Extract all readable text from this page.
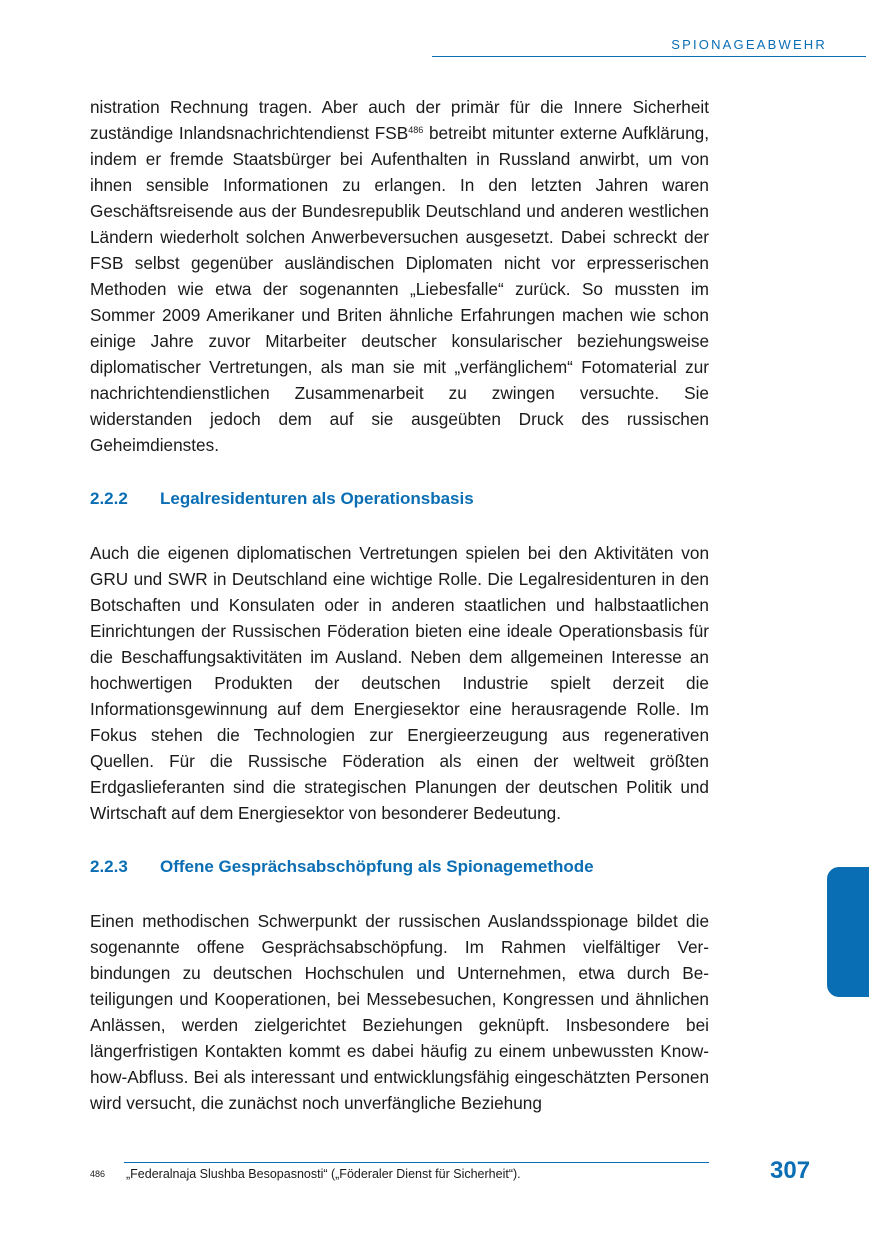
SPIONAGEABWEHR

nistration Rechnung tragen. Aber auch der primär für die Innere Sicherheit zuständige Inlandsnachrichtendienst FSB$^{486}$ betreibt mitunter externe Aufklärung, indem er fremde Staatsbürger bei Aufenthalten in Russland anwirbt, um von ihnen sensible Informationen zu erlangen. In den letzten Jahren waren Geschäftsreisende aus der Bundesrepublik Deutschland und anderen westlichen Ländern wiederholt solchen Anwerbeversuchen ausgesetzt. Dabei schreckt der FSB selbst gegenüber ausländischen Diplomaten nicht vor erpresserischen Methoden wie etwa der sogenannten „Liebesfalle“ zurück. So mussten im Sommer 2009 Amerikaner und Briten ähnliche Erfahrungen machen wie schon einige Jahre zuvor Mitarbeiter deutscher konsularischer beziehungsweise diplomatischer Vertretungen, als man sie mit „verfänglichem“ Fotomaterial zur nachrichtendienstlichen Zusammenarbeit zu zwingen versuchte. Sie widerstanden jedoch dem auf sie ausgeübten Druck des russischen Geheimdienstes.

2.2.2	Legalresidenturen als Operationsbasis

Auch die eigenen diplomatischen Vertretungen spielen bei den Aktivitäten von GRU und SWR in Deutschland eine wichtige Rolle. Die Legalresidenturen in den Botschaften und Konsulaten oder in anderen staatlichen und halbstaatlichen Einrichtungen der Russischen Föderation bieten eine ideale Operationsbasis für die Beschaffungsaktivitäten im Ausland. Neben dem allgemeinen Interesse an hochwertigen Produkten der deutschen Industrie spielt derzeit die Informationsgewinnung auf dem Energiesektor eine herausragende Rolle. Im Fokus stehen die Technologien zur Energieerzeugung aus regenerativen Quellen. Für die Russische Föderation als einen der weltweit größten Erdgaslieferanten sind die strategischen Planungen der deutschen Politik und Wirtschaft auf dem Energiesektor von besonderer Bedeutung.

2.2.3	Offene Gesprächsabschöpfung als Spionagemethode

Einen methodischen Schwerpunkt der russischen Auslandsspionage bildet die sogenannte offene Gesprächsabschöpfung. Im Rahmen vielfältiger Verbindungen zu deutschen Hochschulen und Unternehmen, etwa durch Beteiligungen und Kooperationen, bei Messebesuchen, Kongressen und ähnlichen Anlässen, werden zielgerichtet Beziehungen geknüpft. Insbesondere bei längerfristigen Kontakten kommt es dabei häufig zu einem unbewussten Know-how-Abfluss. Bei als interessant und entwicklungsfähig eingeschätzten Personen wird versucht, die zunächst noch unverfängliche Beziehung

486	„Federalnaja Slushba Besopasnosti“ („Föderaler Dienst für Sicherheit“).	307
